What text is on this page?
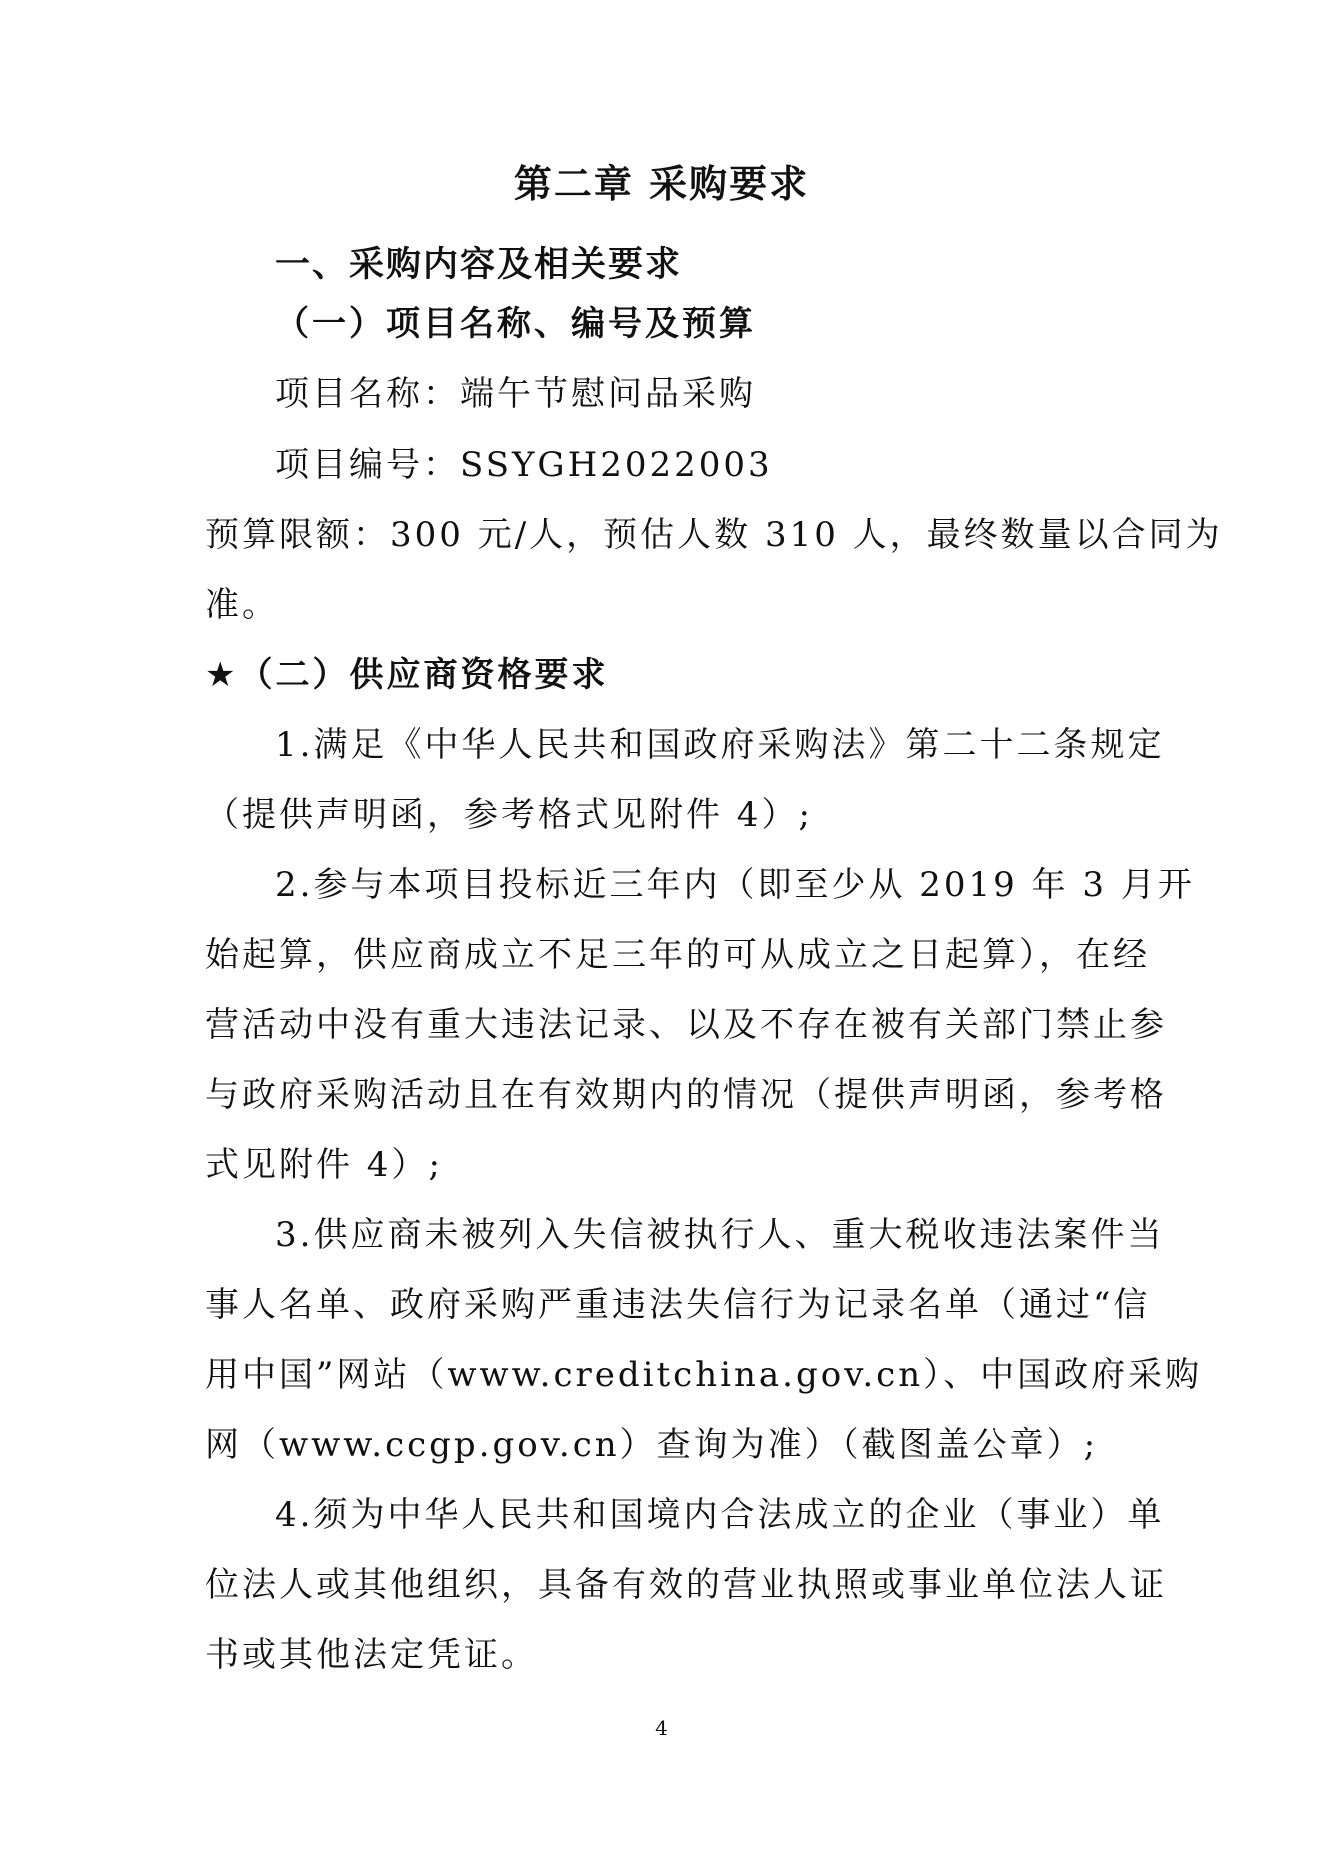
第二章 采购要求
一、采购内容及相关要求
（一）项目名称、编号及预算
项目名称：端午节慰问品采购
项目编号：SSYGH2022003
预算限额：300 元/人，预估人数 310 人，最终数量以合同为
准。
★（二）供应商资格要求
1.满足《中华人民共和国政府采购法》第二十二条规定
（提供声明函，参考格式见附件 4）;
2.参与本项目投标近三年内（即至少从 2019 年 3 月开
始起算，供应商成立不足三年的可从成立之日起算），在经
营活动中没有重大违法记录、以及不存在被有关部门禁止参
与政府采购活动且在有效期内的情况（提供声明函，参考格
式见附件 4）;
3.供应商未被列入失信被执行人、重大税收违法案件当
事人名单、政府采购严重违法失信行为记录名单（通过“信
用中国”网站（www.creditchina.gov.cn）、中国政府采购
网（www.ccgp.gov.cn）查询为准）（截图盖公章）;
4.须为中华人民共和国境内合法成立的企业（事业）单
位法人或其他组织，具备有效的营业执照或事业单位法人证
书或其他法定凭证。
4
